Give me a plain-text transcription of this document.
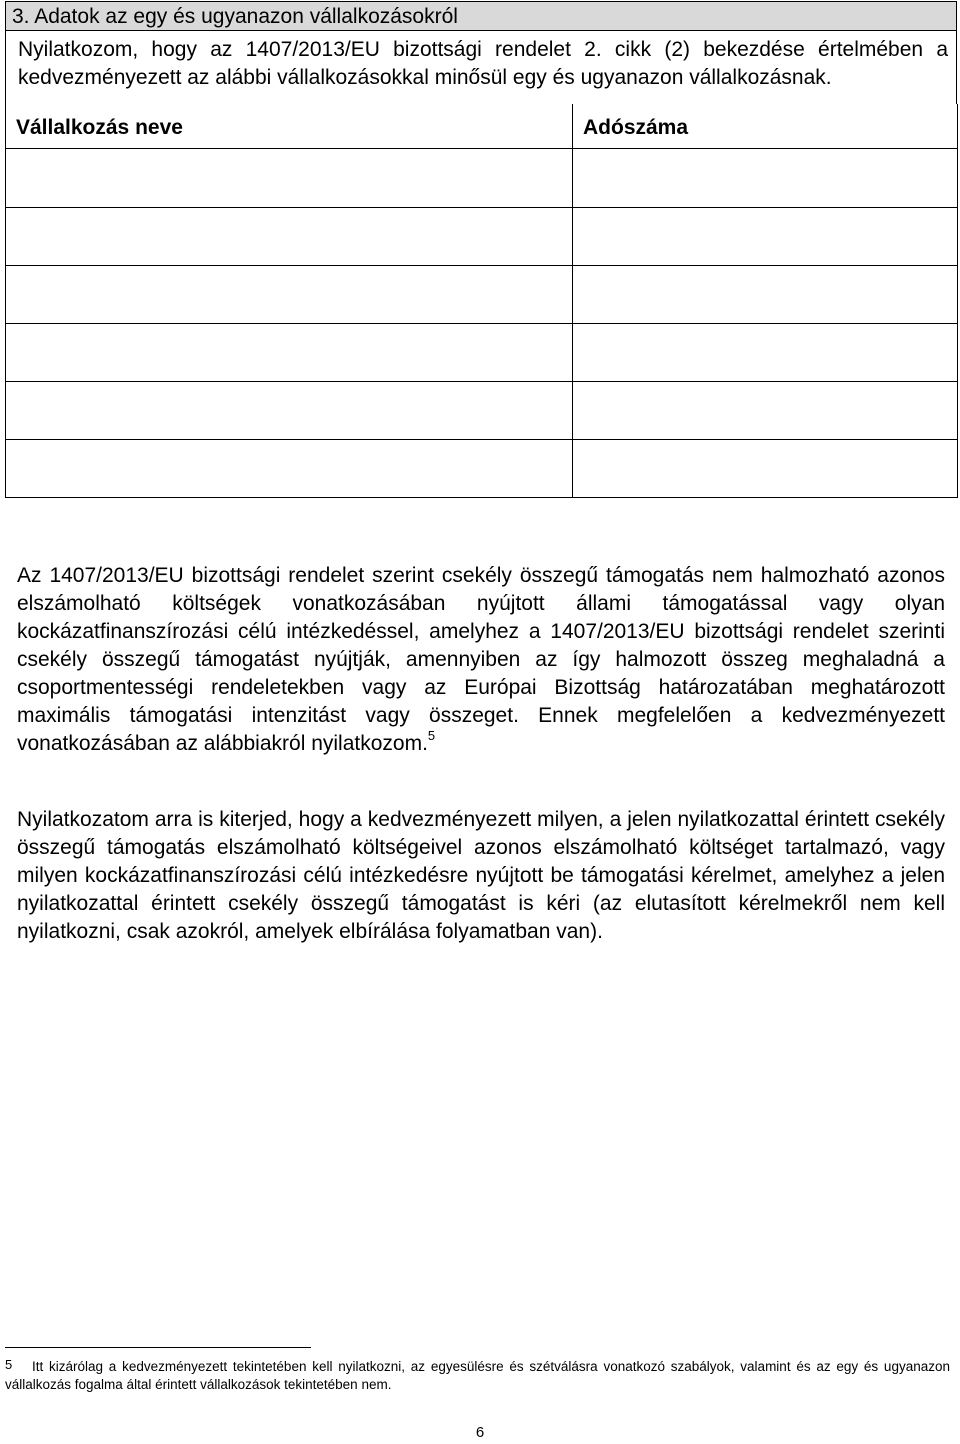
3. Adatok az egy és ugyanazon vállalkozásokról
Nyilatkozom, hogy az 1407/2013/EU bizottsági rendelet 2. cikk (2) bekezdése értelmében a kedvezményezett az alábbi vállalkozásokkal minősül egy és ugyanazon vállalkozásnak.
Vállalkozás neve	Adószáma

Az 1407/2013/EU bizottsági rendelet szerint csekély összegű támogatás nem halmozható azonos elszámolható költségek vonatkozásában nyújtott állami támogatással vagy olyan kockázatfinanszírozási célú intézkedéssel, amelyhez a 1407/2013/EU bizottsági rendelet szerinti csekély összegű támogatást nyújtják, amennyiben az így halmozott összeg meghaladná a csoportmentességi rendeletekben vagy az Európai Bizottság határozatában meghatározott maximális támogatási intenzitást vagy összeget. Ennek megfelelően a kedvezményezett vonatkozásában az alábbiakról nyilatkozom.$^5$

Nyilatkozatom arra is kiterjed, hogy a kedvezményezett milyen, a jelen nyilatkozattal érintett csekély összegű támogatás elszámolható költségeivel azonos elszámolható költséget tartalmazó, vagy milyen kockázatfinanszírozási célú intézkedésre nyújtott be támogatási kérelmet, amelyhez a jelen nyilatkozattal érintett csekély összegű támogatást is kéri (az elutasított kérelmekről nem kell nyilatkozni, csak azokról, amelyek elbírálása folyamatban van).

5	Itt kizárólag a kedvezményezett tekintetében kell nyilatkozni, az egyesülésre és szétválásra vonatkozó szabályok, valamint és az egy és ugyanazon vállalkozás fogalma által érintett vállalkozások tekintetében nem.
6
